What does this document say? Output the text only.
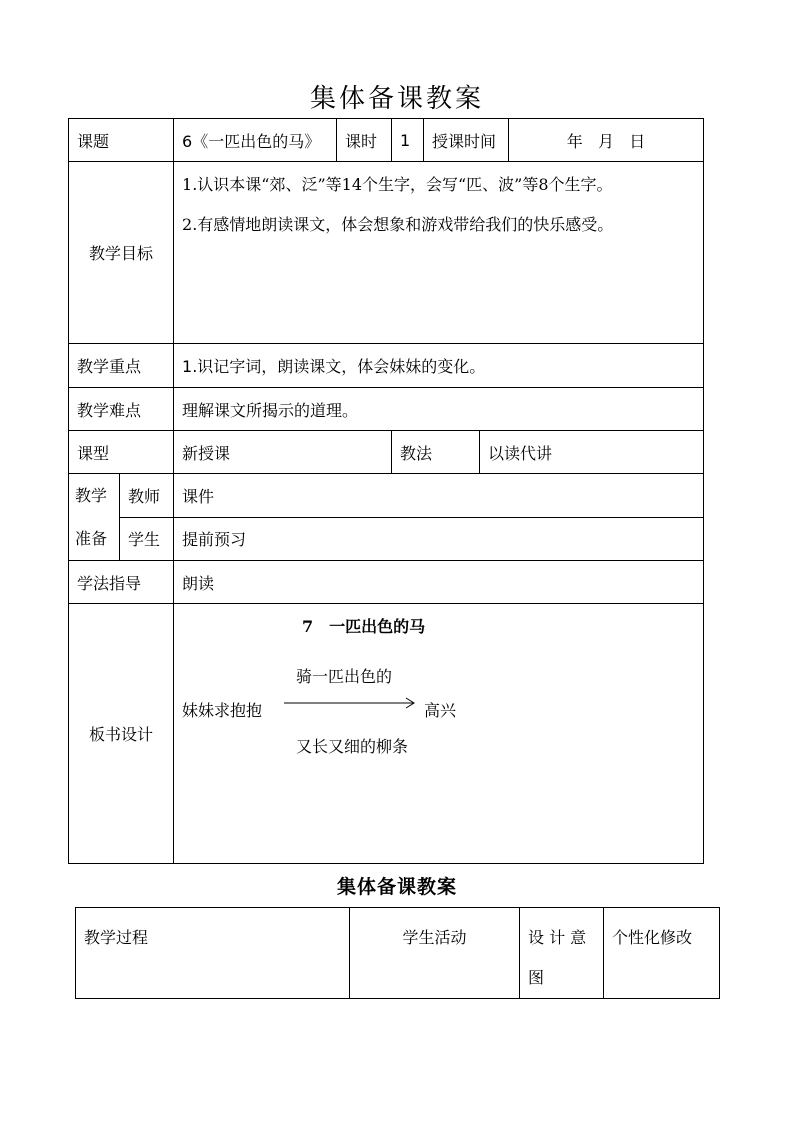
集体备课教案
课题		6《一匹出色的马》	课时	1	授课时间		年   月   日
教学目标		1.认识本课“郊、泛”等14个生字，会写“匹、波”等8个生字。
2.有感情地朗读课文，体会想象和游戏带给我们的快乐感受。					

教学重点		1.识记字词，朗读课文，体会妹妹的变化。					
教学难点		理解课文所揭示的道理。					
课型		新授课		教法		以读代讲	

教学
准备	教师	课件					
	学生	提前预习					
学法指导		朗读					
板书设计		7　一匹出色的马
骑一匹出色的
妹妹求抱抱 高兴
又长又细的柳条					
集体备课教案
教学过程	学生活动	设 计 意 图	个性化修改
